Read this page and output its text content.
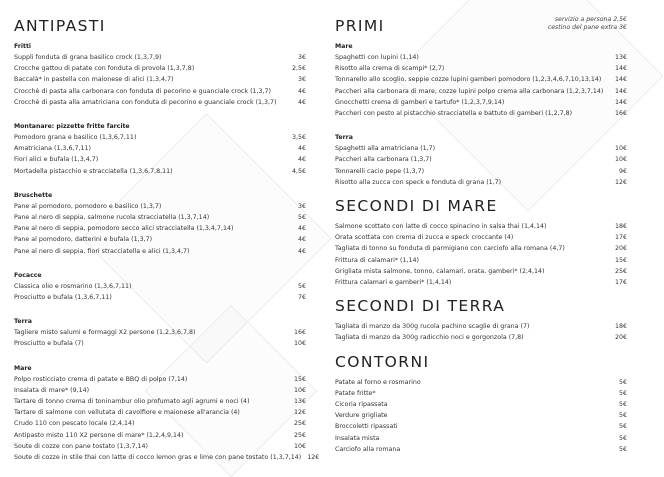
ANTIPASTI
Fritti
Suppli fonduta di grana basilico crock (1,3,7,9)	3€
Crocche gattou di patate con fonduta di provola (1,3,7,8)	2,5€
Baccalà* in pastella con maionese di alici (1,3,4,7)	3€
Crocchè di pasta alla carbonara con fonduta di pecorino e guanciale crock (1,3,7)	4€
Crocchè di pasta alla amatriciana con fonduta di pecorino e guanciale crock (1,3,7)	4€
Montanare: pizzette fritte farcite
Pomodoro grana e basilico (1,3,6,7,11)	3,5€
Amatriciana (1,3,6,7,11)	4€
Fiori alici e bufala (1,3,4,7)	4€
Mortadella pistacchio e stracciatella (1,3,6,7,8,11)	4,5€
Bruschette
Pane al pomodoro, pomodoro e basilico (1,3,7)	3€
Pane al nero di seppia, salmone rucola stracciatella (1,3,7,14)	5€
Pane al nero di seppia, pomodoro secco alici stracciatella (1,3,4,7,14)	4€
Pane al pomodoro, datterini e bufala (1,3,7)	4€
Pane al nero di seppia, fiori stracciatella e alici (1,3,4,7)	4€
Focacce
Classica olio e rosmarino (1,3,6,7,11)	5€
Prosciutto e bufala (1,3,6,7,11)	7€
Terra
Tagliere misto salumi e formaggi X2 persone (1,2,3,6,7,8)	16€
Prosciutto e bufala (7)	10€
Mare
Polpo rosticciato crema di patate e BBQ di polpo (7,14)	15€
Insalata di mare* (9,14)	10€
Tartare di tonno crema di toninambur olio profumato agli agrumi e noci (4)	13€
Tartare di salmone con vellutata di cavolfiore e maionese all'arancia (4)	12€
Crudo 110 con pescato locale (2,4,14)	25€
Antipasto misto 110 X2 persone di mare* (1,2,4,9,14)	25€
Soute di cozze con pane tostato (1,3,7,14)	10€
Soute di cozze in stile thai con latte di cocco lemon gras e lime con pane tostato (1,3,7,14) 12€
servizio a persona 2,5€
cestino del pane extra 3€
PRIMI
Mare
Spaghetti con lupini (1,14)	13€
Risotto alla crema di scampi* (2,7)	14€
Tonnarello allo scoglio, seppie cozze lupini gamberi pomodoro (1,2,3,4,6,7,10,13,14) 14€
Paccheri alla carbonara di mare, cozze lupini polpo crema alla carbonara (1,2,3,7,14) 14€
Gnocchetti crema di gamberi e tartufo* (1,2,3,7,9,14)	14€
Paccheri con pesto al pistacchio stracciatella e battuto di gamberi (1,2,7,8)	16€
Terra
Spaghetti alla amatriciana (1,7)	10€
Paccheri alla carbonara (1,3,7)	10€
Tonnarelli cacio pepe (1,3,7)	9€
Risotto alla zucca con speck e fonduta di grana (1,7)	12€
SECONDI DI MARE
Salmone scottato con latte di cocco spinacino in salsa thai (1,4,14)	18€
Orata scottata con crema di zucca e speck croccante (4)	17€
Tagliata di tonno su fonduta di parmigiano con carciofo alla romana (4,7)	20€
Frittura di calamari* (1,14)	15€
Grigliata mista salmone, tonno, calamari, orata, gamberi* (2,4,14)	25€
Frittura calamari e gamberi* (1,4,14)	17€
SECONDI DI TERRA
Tagliata di manzo da 300g rucola pachino scaglie di grana (7)	18€
Tagliata di manzo da 300g radicchio noci e gorgonzola (7,8)	20€
CONTORNI
Patate al forno e rosmarino	5€
Patate fritte*	5€
Cicoria ripassata	5€
Verdure grigliate	5€
Broccoletti ripassati	5€
Insalata mista	5€
Carciofo alla romana	5€
